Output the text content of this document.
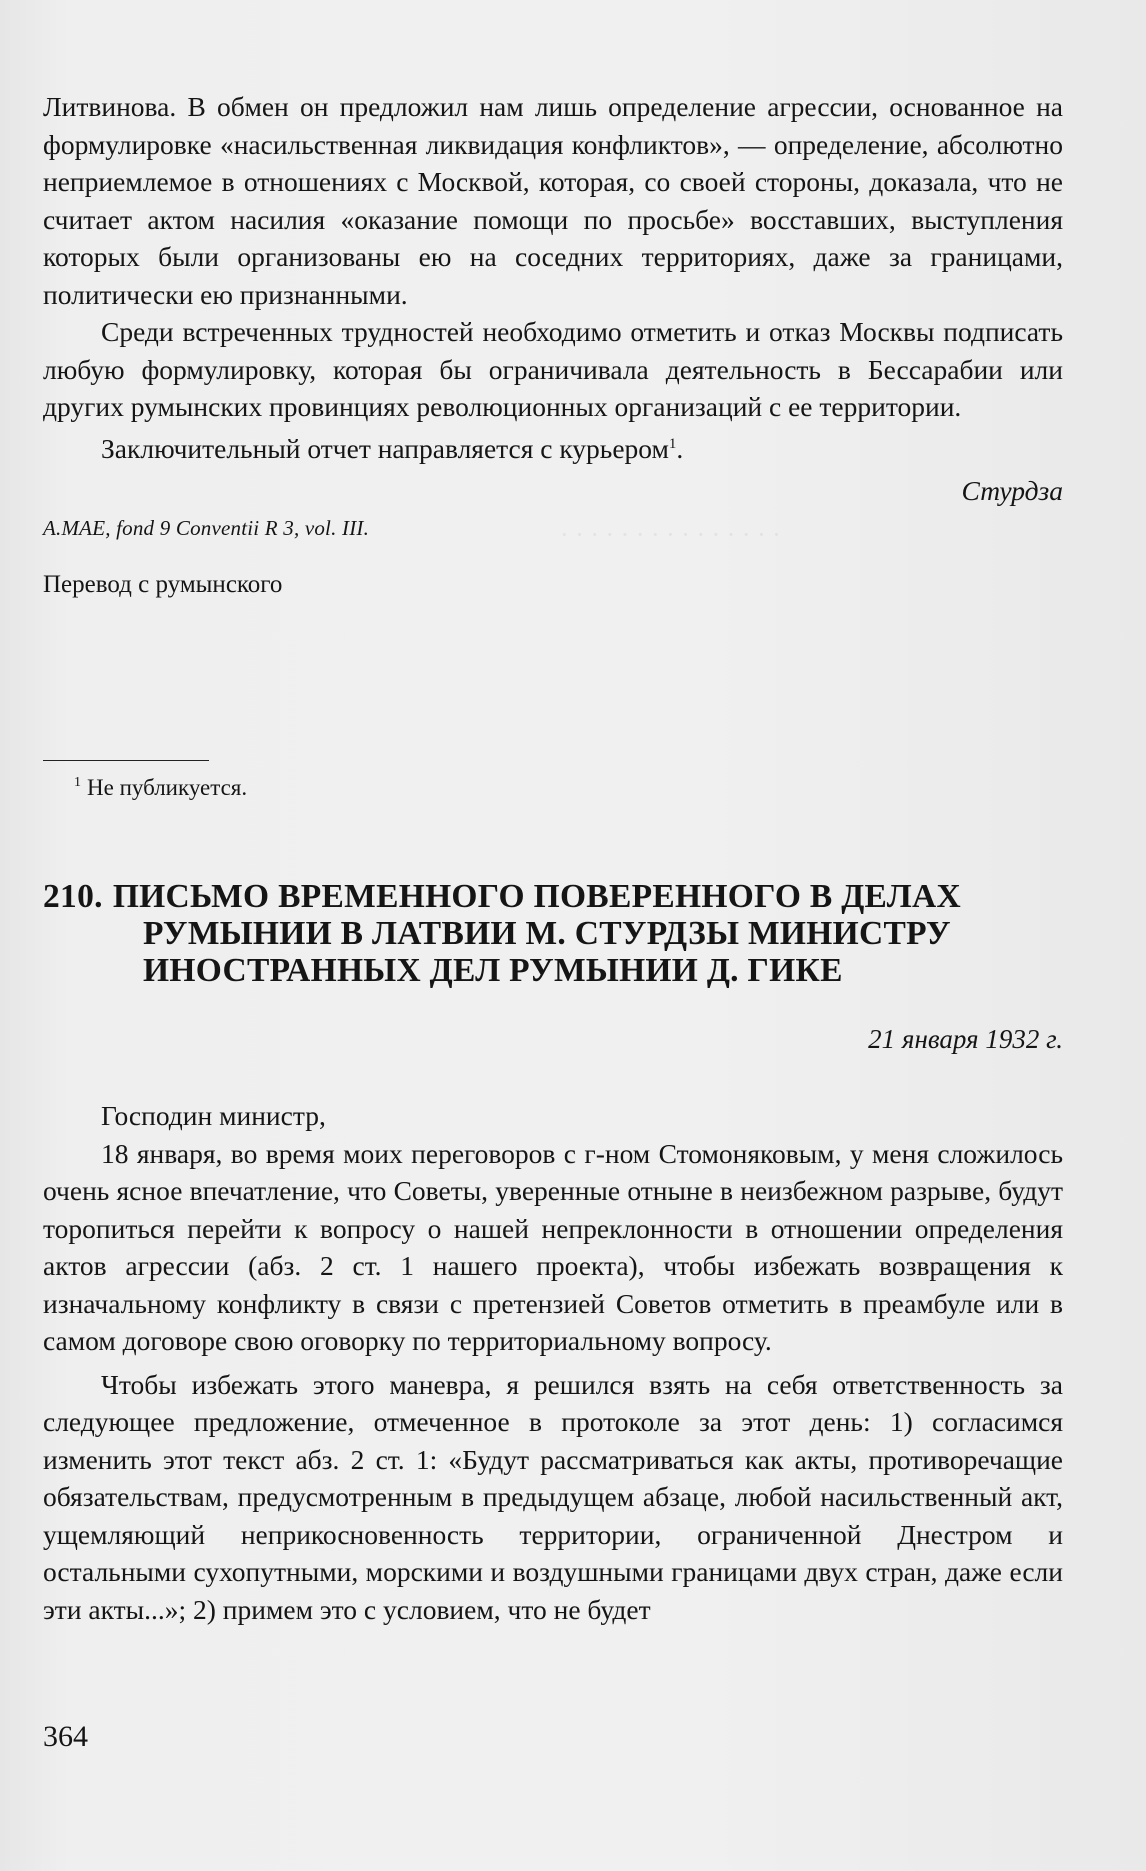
· · · · · · · · · · · · · · ·

Литвинова. В обмен он предложил нам лишь определение агрессии, основанное на формулировке «насильственная ликвидация конфликтов», — определение, абсолютно неприемлемое в отношениях с Москвой, которая, со своей стороны, доказала, что не считает актом насилия «оказание помощи по просьбе» восставших, выступления которых были организованы ею на соседних территориях, даже за границами, политически ею признанными.

Среди встреченных трудностей необходимо отметить и отказ Москвы подписать любую формулировку, которая бы ограничивала деятельность в Бессарабии или других румынских провинциях революционных организаций с ее территории.

Заключительный отчет направляется с курьером$^1$.

Стурдза

A.MAE, fond 9 Conventii R 3, vol. III.

Перевод с румынского

$^1$ Не публикуется.

210. ПИСЬМО ВРЕМЕННОГО ПОВЕРЕННОГО В ДЕЛАХ
РУМЫНИИ В ЛАТВИИ М. СТУРДЗЫ МИНИСТРУ
ИНОСТРАННЫХ ДЕЛ РУМЫНИИ Д. ГИКЕ

21 января 1932 г.

Господин министр,

18 января, во время моих переговоров с г-ном Стомоняковым, у меня сложилось очень ясное впечатление, что Советы, уверенные отныне в неизбежном разрыве, будут торопиться перейти к вопросу о нашей непреклонности в отношении определения актов агрессии (абз. 2 ст. 1 нашего проекта), чтобы избежать возвращения к изначальному конфликту в связи с претензией Советов отметить в преамбуле или в самом договоре свою оговорку по территориальному вопросу.

Чтобы избежать этого маневра, я решился взять на себя ответственность за следующее предложение, отмеченное в протоколе за этот день: 1) согласимся изменить этот текст абз. 2 ст. 1: «Будут рассматриваться как акты, противоречащие обязательствам, предусмотренным в предыдущем абзаце, любой насильственный акт, ущемляющий неприкосновенность территории, ограниченной Днестром и остальными сухопутными, морскими и воздушными границами двух стран, даже если эти акты...»; 2) примем это с условием, что не будет

364
